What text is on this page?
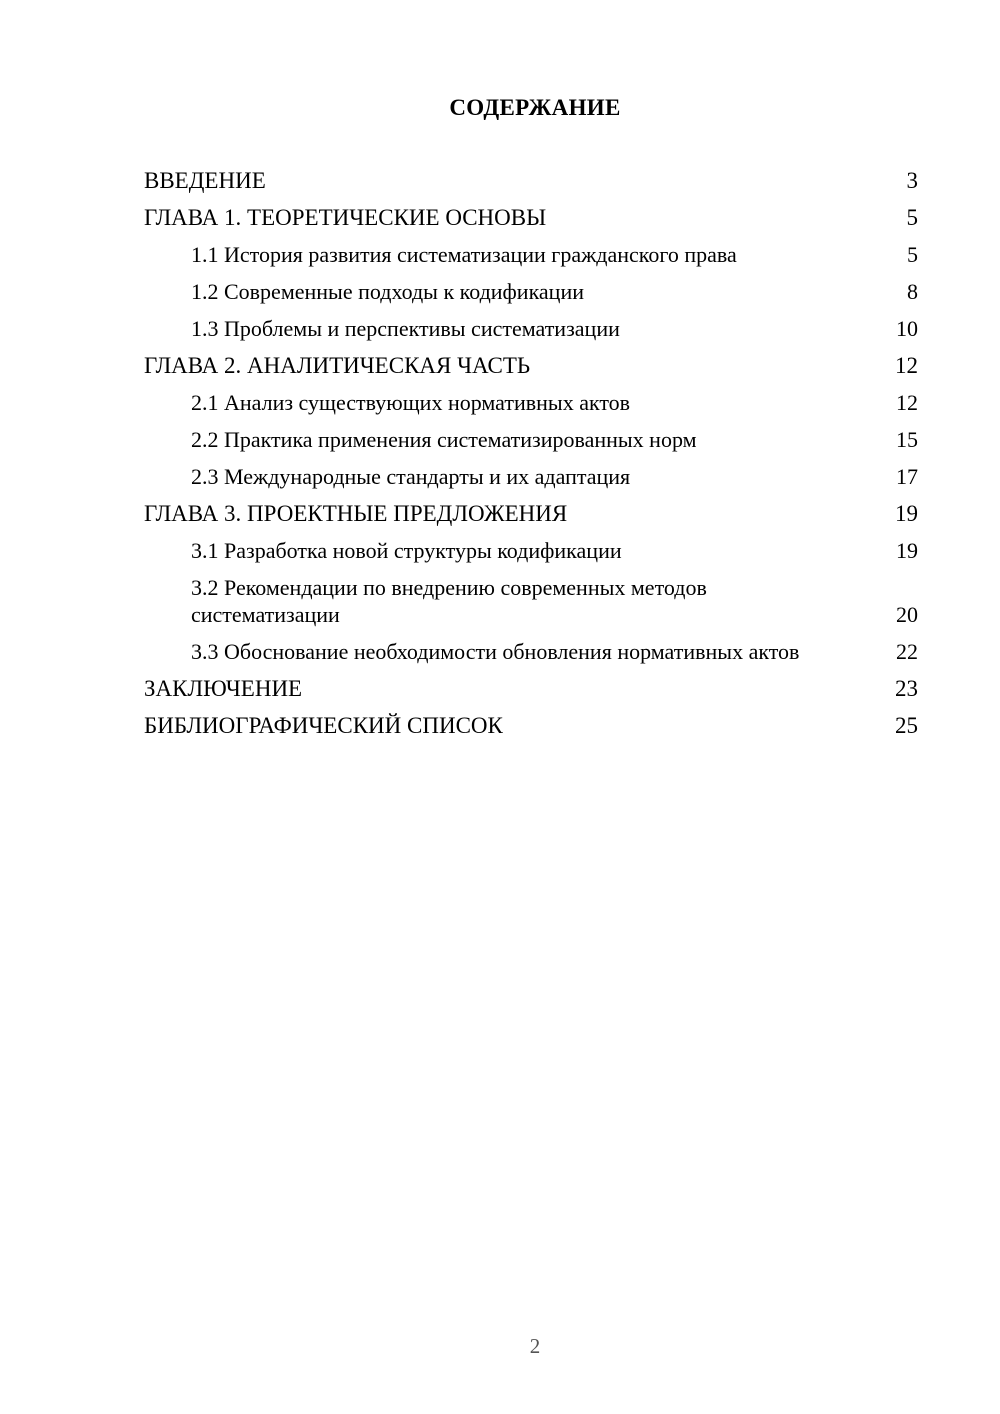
СОДЕРЖАНИЕ
ВВЕДЕНИЕ	3
ГЛАВА 1. ТЕОРЕТИЧЕСКИЕ ОСНОВЫ	5
1.1 История развития систематизации гражданского права	5
1.2 Современные подходы к кодификации	8
1.3 Проблемы и перспективы систематизации	10
ГЛАВА 2. АНАЛИТИЧЕСКАЯ ЧАСТЬ	12
2.1 Анализ существующих нормативных актов	12
2.2 Практика применения систематизированных норм	15
2.3 Международные стандарты и их адаптация	17
ГЛАВА 3. ПРОЕКТНЫЕ ПРЕДЛОЖЕНИЯ	19
3.1 Разработка новой структуры кодификации	19
3.2 Рекомендации по внедрению современных методов систематизации	20
3.3 Обоснование необходимости обновления нормативных актов	22
ЗАКЛЮЧЕНИЕ	23
БИБЛИОГРАФИЧЕСКИЙ СПИСОК	25
2
